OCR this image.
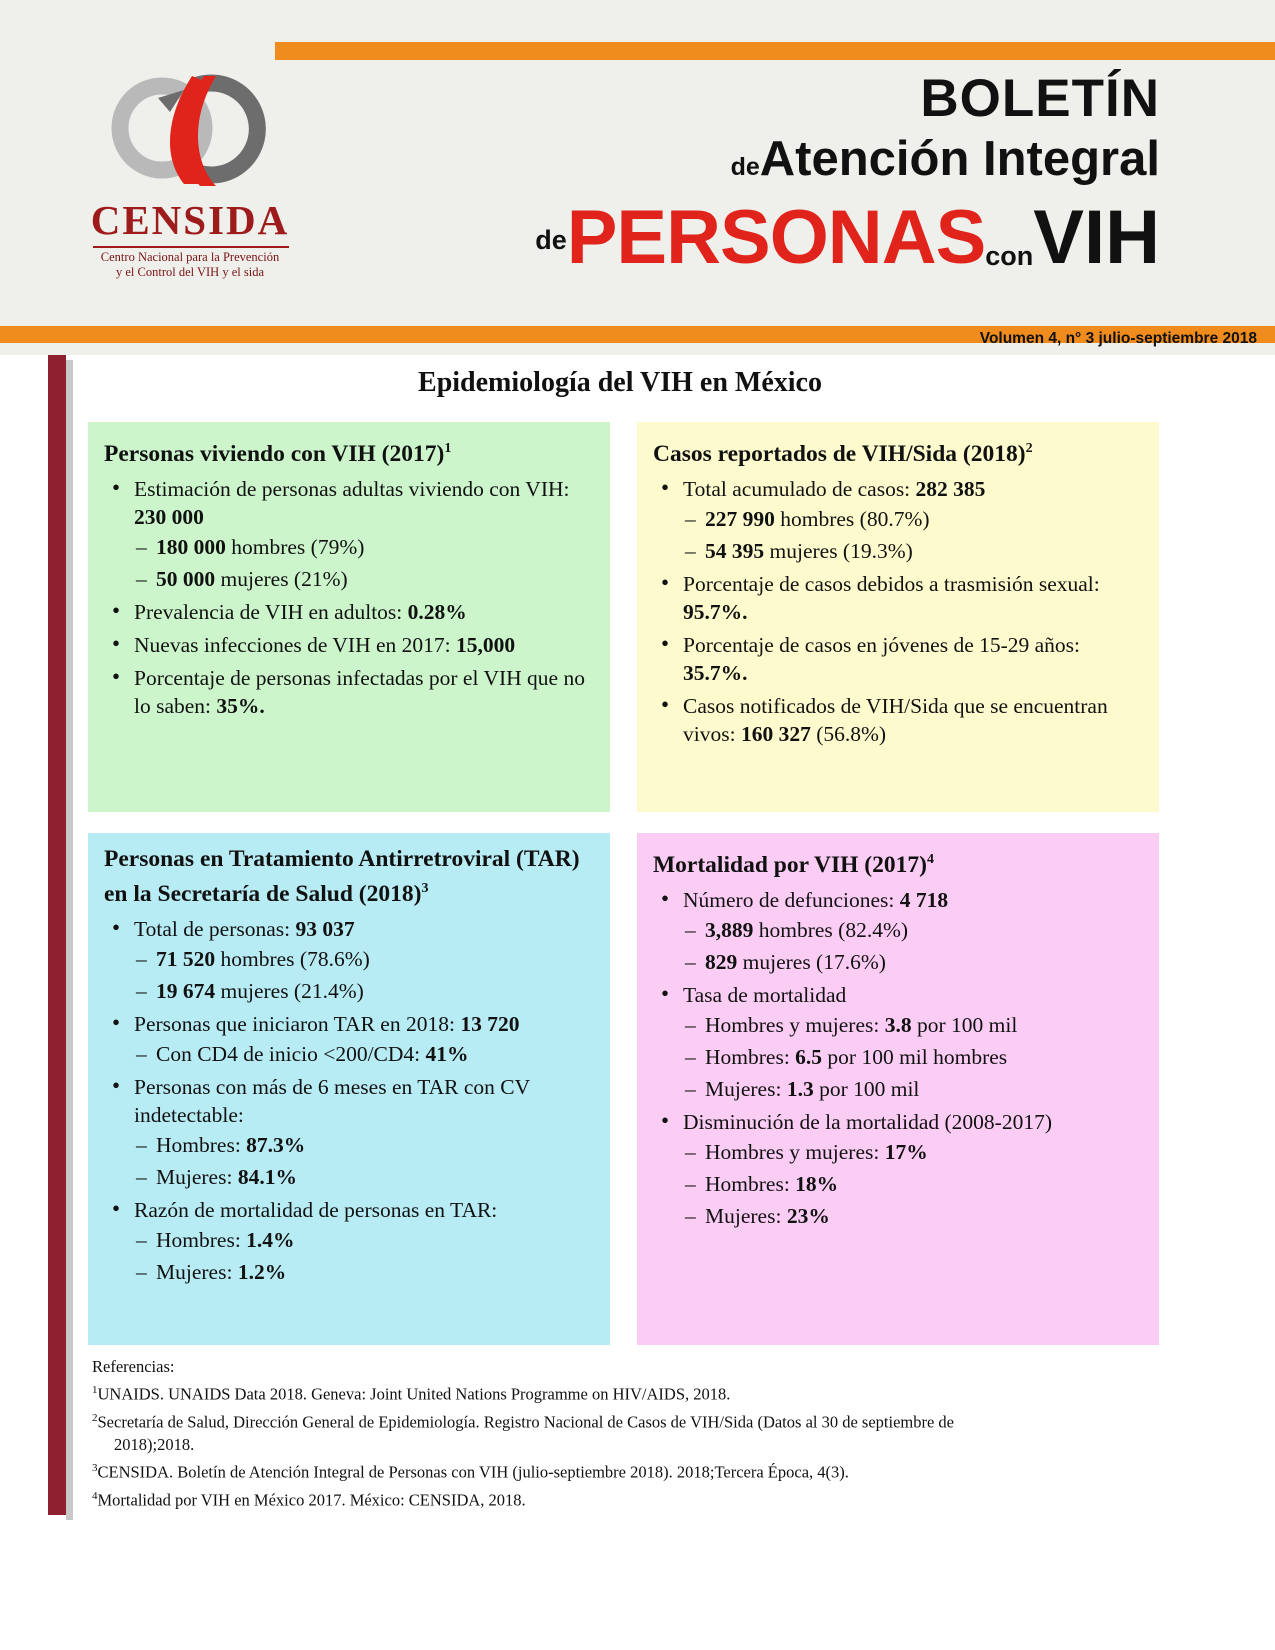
CENSIDA
Centro Nacional para la Prevención
y el Control del VIH y el sida
BOLETÍN
deAtención Integral
dePERSONASconVIH
Volumen 4, n° 3 julio-septiembre 2018
Epidemiología del VIH en México
Personas viviendo con VIH $(2017)^1$
• Estimación de personas adultas viviendo con VIH: 230 000
– 180 000 hombres (79%)
– 50 000 mujeres (21%)
• Prevalencia de VIH en adultos: 0.28%
• Nuevas infecciones de VIH en 2017: 15,000
• Porcentaje de personas infectadas por el VIH que no lo saben: 35%.
Casos reportados de VIH/Sida $(2018)^2$
• Total acumulado de casos: 282 385
– 227 990 hombres (80.7%)
– 54 395 mujeres (19.3%)
• Porcentaje de casos debidos a trasmisión sexual: 95.7%.
• Porcentaje de casos en jóvenes de 15-29 años: 35.7%.
• Casos notificados de VIH/Sida que se encuentran vivos: 160 327 (56.8%)
Personas en Tratamiento Antirretroviral (TAR) en la Secretaría de Salud $(2018)^3$
• Total de personas: 93 037
– 71 520 hombres (78.6%)
– 19 674 mujeres (21.4%)
• Personas que iniciaron TAR en 2018: 13 720
– Con CD4 de inicio <200/CD4: 41%
• Personas con más de 6 meses en TAR con CV indetectable:
– Hombres: 87.3%
– Mujeres: 84.1%
• Razón de mortalidad de personas en TAR:
– Hombres: 1.4%
– Mujeres: 1.2%
Mortalidad por VIH $(2017)^4$
• Número de defunciones: 4 718
– 3,889 hombres (82.4%)
– 829 mujeres (17.6%)
• Tasa de mortalidad
– Hombres y mujeres: 3.8 por 100 mil
– Hombres: 6.5 por 100 mil hombres
– Mujeres: 1.3 por 100 mil
• Disminución de la mortalidad (2008-2017)
– Hombres y mujeres: 17%
– Hombres: 18%
– Mujeres: 23%
Referencias:
$^1$UNAIDS. UNAIDS Data 2018. Geneva: Joint United Nations Programme on HIV/AIDS, 2018.
$^2$Secretaría de Salud, Dirección General de Epidemiología. Registro Nacional de Casos de VIH/Sida (Datos al 30 de septiembre de
2018);2018.
$^3$CENSIDA. Boletín de Atención Integral de Personas con VIH (julio-septiembre 2018). 2018;Tercera Época, 4(3).
$^4$Mortalidad por VIH en México 2017. México: CENSIDA, 2018.
